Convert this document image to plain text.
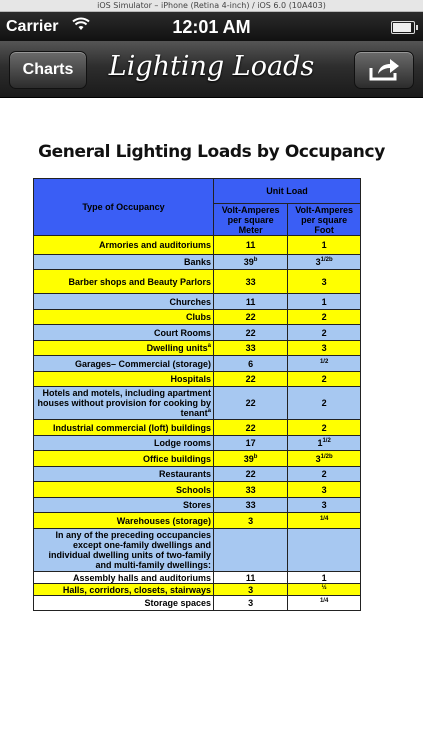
iOS Simulator – iPhone (Retina 4-inch) / iOS 6.0 (10A403)
Carrier	12:01 AM
Charts	Lighting Loads
General Lighting Loads by Occupancy
Type of Occupancy	Unit Load	
	Volt-Amperes per square Meter	Volt-Amperes per square Foot
Armories and auditoriums	11	1
Banks	39$^b$	$3^{1/2b}$
Barber shops and Beauty Parlors	33	3
Churches	11	1
Clubs	22	2
Court Rooms	22	2
Dwelling units$^a$	33	3
Garages– Commercial (storage)	6	$^{1/2}$
Hospitals	22	2
Hotels and motels, including apartment houses without provision for cooking by tenant$^a$	22	2
Industrial commercial (loft) buildings	22	2
Lodge rooms	17	$1^{1/2}$
Office buildings	39$^b$	$3^{1/2b}$
Restaurants	22	2
Schools	33	3
Stores	33	3
Warehouses (storage)	3	$^{1/4}$
In any of the preceding occupancies except one-family dwellings and individual dwelling units of two-family and multi-family dwellings:		
Assembly halls and auditoriums	11	1
Halls, corridors, closets, stairways	3	$^{\frac{1}{2}}$
Storage spaces	3	$^{1/4}$
